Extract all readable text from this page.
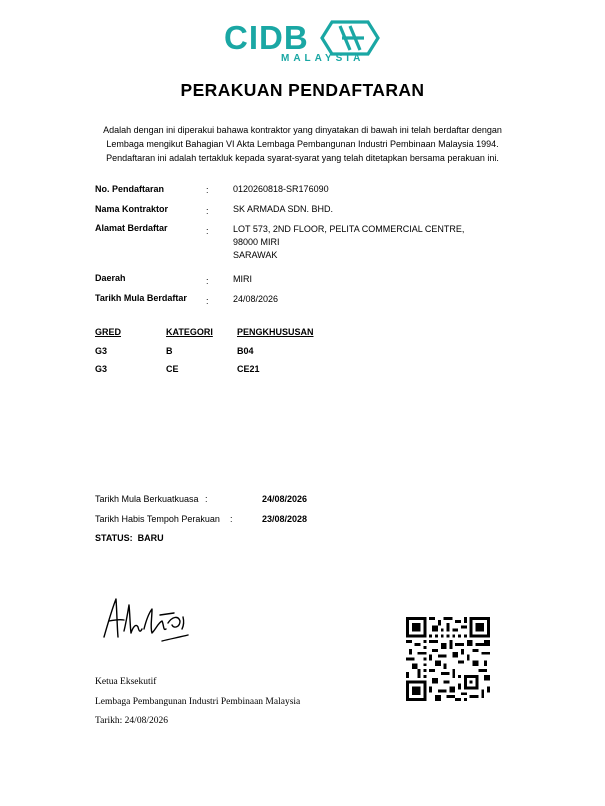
CIDB
MALAYSIA
PERAKUAN PENDAFTARAN
Adalah dengan ini diperakui bahawa kontraktor yang dinyatakan di bawah ini telah berdaftar dengan
Lembaga mengikut Bahagian VI Akta Lembaga Pembangunan Industri Pembinaan Malaysia 1994.
Pendaftaran ini adalah tertakluk kepada syarat-syarat yang telah ditetapkan bersama perakuan ini.
No. Pendaftaran	:	0120260818-SR176090
Nama Kontraktor	:	SK ARMADA SDN. BHD.
Alamat Berdaftar	:	LOT 573, 2ND FLOOR, PELITA COMMERCIAL CENTRE,
98000 MIRI
SARAWAK
Daerah	:	MIRI
Tarikh Mula Berdaftar :	24/08/2026
GRED	KATEGORI	PENGKHUSUSAN
G3	B	B04
G3	CE	CE21
Tarikh Mula Berkuatkuasa :	24/08/2026
Tarikh Habis Tempoh Perakuan :	23/08/2028
STATUS:  BARU
Ketua Eksekutif
Lembaga Pembangunan Industri Pembinaan Malaysia
Tarikh: 24/08/2026
